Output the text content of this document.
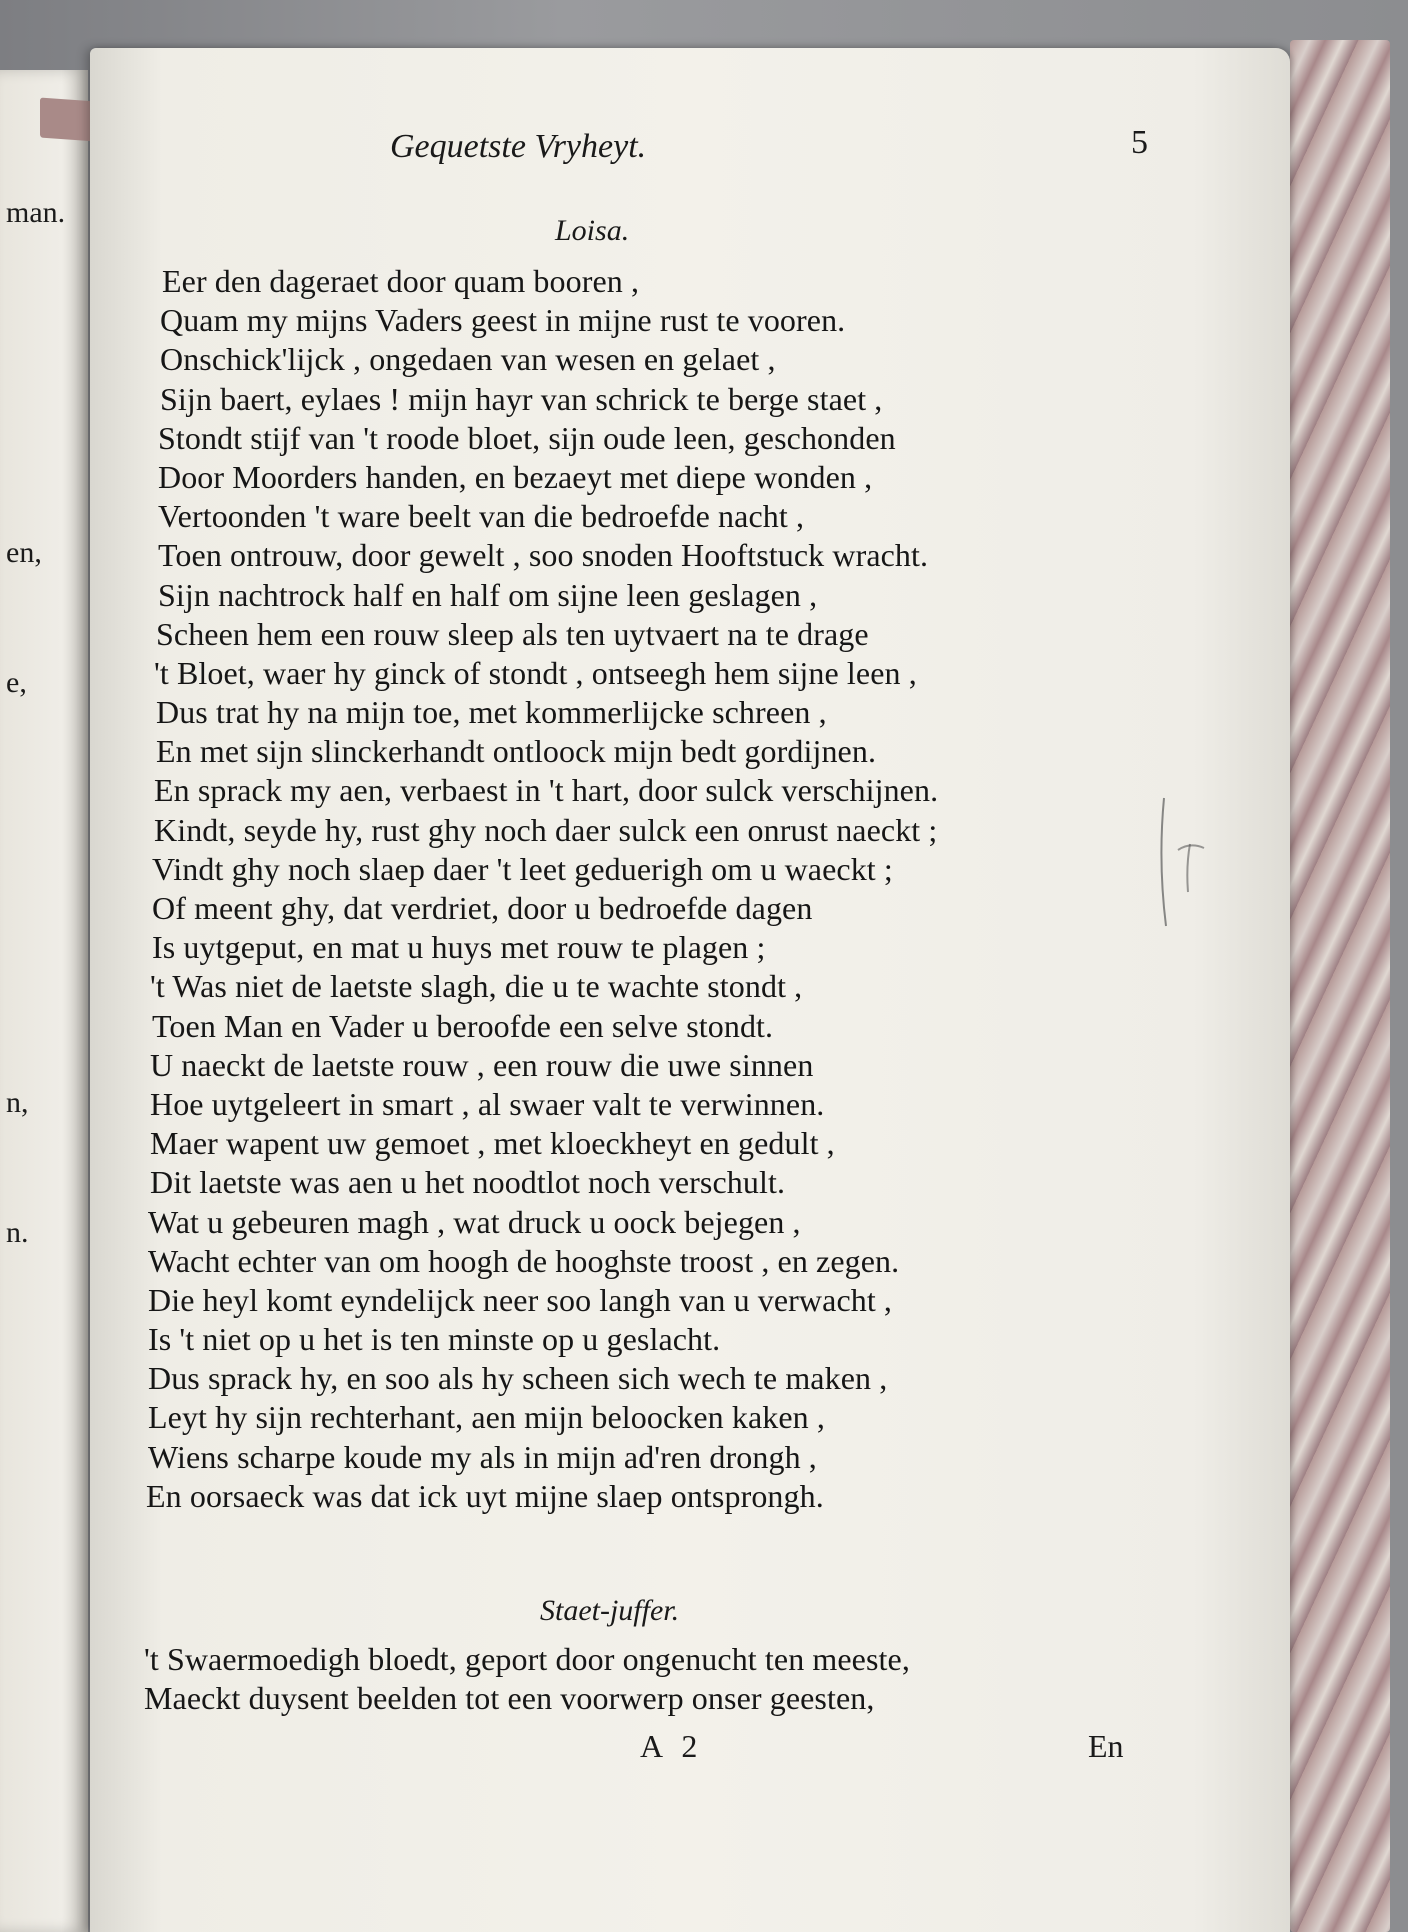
man.
en,
e,
n,
n.
Gequetste Vryheyt.	5
Loisa.
Eer den dageraet door quam booren ,
Quam my mijns Vaders geest in mijne rust te vooren.
Onschick'lijck , ongedaen van wesen en gelaet ,
Sijn baert, eylaes ! mijn hayr van schrick te berge staet ,
Stondt stijf van 't roode bloet, sijn oude leen, geschonden
Door Moorders handen, en bezaeyt met diepe wonden ,
Vertoonden 't ware beelt van die bedroefde nacht ,
Toen ontrouw, door gewelt , soo snoden Hooftstuck wracht.
Sijn nachtrock half en half om sijne leen geslagen ,
Scheen hem een rouw sleep als ten uytvaert na te drage
't Bloet, waer hy ginck of stondt , ontseegh hem sijne leen ,
Dus trat hy na mijn toe, met kommerlijcke schreen ,
En met sijn slinckerhandt ontloock mijn bedt gordijnen.
En sprack my aen, verbaest in 't hart, door sulck verschijnen.
Kindt, seyde hy, rust ghy noch daer sulck een onrust naeckt ;
Vindt ghy noch slaep daer 't leet geduerigh om u waeckt ;
Of meent ghy, dat verdriet, door u bedroefde dagen
Is uytgeput, en mat u huys met rouw te plagen ;
't Was niet de laetste slagh, die u te wachte stondt ,
Toen Man en Vader u beroofde een selve stondt.
U naeckt de laetste rouw , een rouw die uwe sinnen
Hoe uytgeleert in smart , al swaer valt te verwinnen.
Maer wapent uw gemoet , met kloeckheyt en gedult ,
Dit laetste was aen u het noodtlot noch verschult.
Wat u gebeuren magh , wat druck u oock bejegen ,
Wacht echter van om hoogh de hooghste troost , en zegen.
Die heyl komt eyndelijck neer soo langh van u verwacht ,
Is 't niet op u het is ten minste op u geslacht.
Dus sprack hy, en soo als hy scheen sich wech te maken ,
Leyt hy sijn rechterhant, aen mijn beloocken kaken ,
Wiens scharpe koude my als in mijn ad'ren drongh ,
En oorsaeck was dat ick uyt mijne slaep ontsprongh.
Staet-juffer.
't Swaermoedigh bloedt, geport door ongenucht ten meeste,
Maeckt duysent beelden tot een voorwerp onser geesten,
A 2	En
